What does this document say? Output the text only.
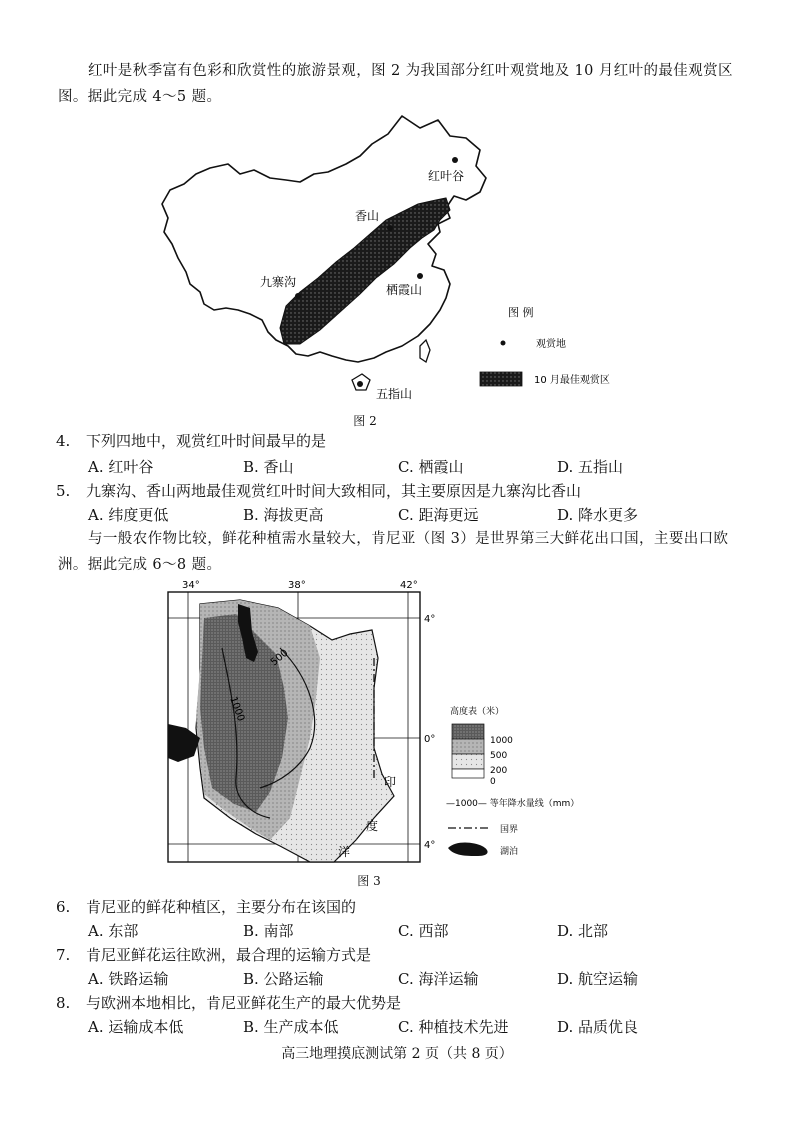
红叶是秋季富有色彩和欣赏性的旅游景观，图 2 为我国部分红叶观赏地及 10 月红叶的最佳观赏区图。据此完成 4～5 题。
红叶谷
香山
九寨沟
栖霞山
五指山
图 例
观赏地
10 月最佳观赏区
图 2
4. 下列四地中，观赏红叶时间最早的是
A. 红叶谷	B. 香山	C. 栖霞山	D. 五指山
5. 九寨沟、香山两地最佳观赏红叶时间大致相同，其主要原因是九寨沟比香山
A. 纬度更低	B. 海拔更高	C. 距海更远	D. 降水更多
与一般农作物比较，鲜花种植需水量较大，肯尼亚（图 3）是世界第三大鲜花出口国，主要出口欧洲。据此完成 6～8 题。
34°	38°	42°
1000
500
印
度
洋
4°
0°
4°
高度表（米）
1000
500
200
0
—1000— 等年降水量线（mm）
国界
湖泊
图 3
6. 肯尼亚的鲜花种植区，主要分布在该国的
A. 东部	B. 南部	C. 西部	D. 北部
7. 肯尼亚鲜花运往欧洲，最合理的运输方式是
A. 铁路运输	B. 公路运输	C. 海洋运输	D. 航空运输
8. 与欧洲本地相比，肯尼亚鲜花生产的最大优势是
A. 运输成本低	B. 生产成本低	C. 种植技术先进	D. 品质优良
高三地理摸底测试第 2 页（共 8 页）
